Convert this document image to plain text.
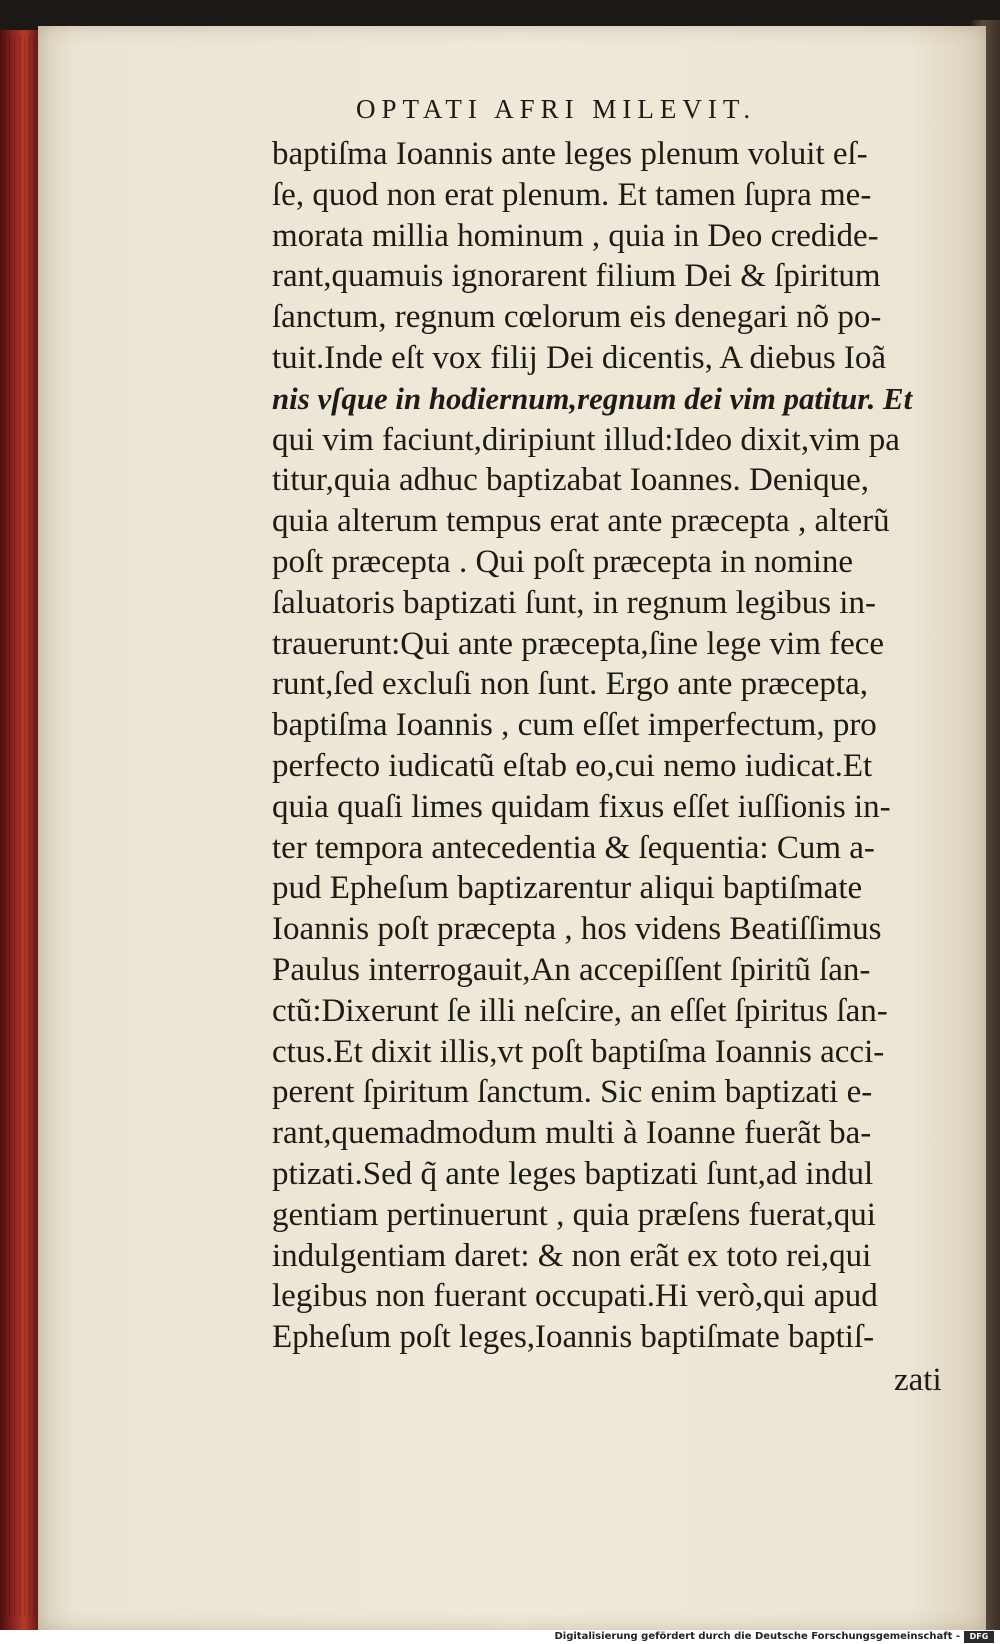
OPTATI AFRI MILEVIT.
baptiſma Ioannis ante leges plenum voluit eſ-
ſe, quod non erat plenum. Et tamen ſupra me-
morata millia hominum , quia in Deo credide-
rant,quamuis ignorarent filium Dei & ſpiritum
ſanctum, regnum cœlorum eis denegari nõ po-
tuit.Inde eſt vox filij Dei dicentis, A diebus Ioã
nis vſque in hodiernum,regnum dei vim patitur. Et
qui vim faciunt,diripiunt illud:Ideo dixit,vim pa
titur,quia adhuc baptizabat Ioannes. Denique,
quia alterum tempus erat ante præcepta , alterũ
poſt præcepta . Qui poſt præcepta in nomine
ſaluatoris baptizati ſunt, in regnum legibus in-
trauerunt:Qui ante præcepta,ſine lege vim fece
runt,ſed excluſi non ſunt. Ergo ante præcepta,
baptiſma Ioannis , cum eſſet imperfectum, pro
perfecto iudicatũ eſtab eo,cui nemo iudicat.Et
quia quaſi limes quidam fixus eſſet iuſſionis in-
ter tempora antecedentia & ſequentia: Cum a-
pud Epheſum baptizarentur aliqui baptiſmate
Ioannis poſt præcepta , hos videns Beatiſſimus
Paulus interrogauit,An accepiſſent ſpiritũ ſan-
ctũ:Dixerunt ſe illi neſcire, an eſſet ſpiritus ſan-
ctus.Et dixit illis,vt poſt baptiſma Ioannis acci-
perent ſpiritum ſanctum. Sic enim baptizati e-
rant,quemadmodum multi à Ioanne fuerãt ba-
ptizati.Sed q̃ ante leges baptizati ſunt,ad indul
gentiam pertinuerunt , quia præſens fuerat,qui
indulgentiam daret: & non erãt ex toto rei,qui
legibus non fuerant occupati.Hi verò,qui apud
Epheſum poſt leges,Ioannis baptiſmate baptiſ-
zati
Digitalisierung gefördert durch die Deutsche Forschungsgemeinschaft -	DFG
